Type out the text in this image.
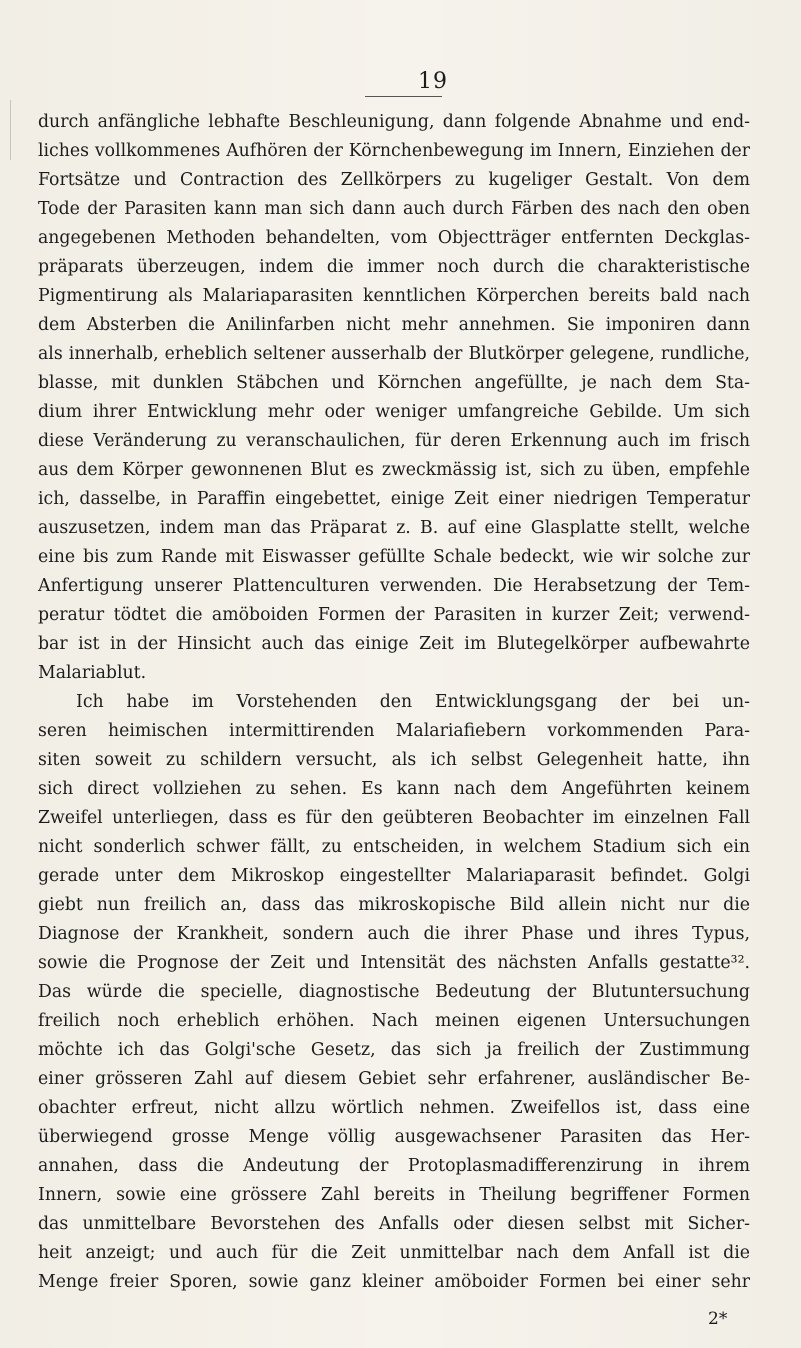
19
durch anfängliche lebhafte Beschleunigung, dann folgende Abnahme und end-
liches vollkommenes Aufhören der Körnchenbewegung im Innern, Einziehen der
Fortsätze und Contraction des Zellkörpers zu kugeliger Gestalt. Von dem
Tode der Parasiten kann man sich dann auch durch Färben des nach den oben
angegebenen Methoden behandelten, vom Objectträger entfernten Deckglas-
präparats überzeugen, indem die immer noch durch die charakteristische
Pigmentirung als Malariaparasiten kenntlichen Körperchen bereits bald nach
dem Absterben die Anilinfarben nicht mehr annehmen. Sie imponiren dann
als innerhalb, erheblich seltener ausserhalb der Blutkörper gelegene, rundliche,
blasse, mit dunklen Stäbchen und Körnchen angefüllte, je nach dem Sta-
dium ihrer Entwicklung mehr oder weniger umfangreiche Gebilde. Um sich
diese Veränderung zu veranschaulichen, für deren Erkennung auch im frisch
aus dem Körper gewonnenen Blut es zweckmässig ist, sich zu üben, empfehle
ich, dasselbe, in Paraffin eingebettet, einige Zeit einer niedrigen Temperatur
auszusetzen, indem man das Präparat z. B. auf eine Glasplatte stellt, welche
eine bis zum Rande mit Eiswasser gefüllte Schale bedeckt, wie wir solche zur
Anfertigung unserer Plattenculturen verwenden. Die Herabsetzung der Tem-
peratur tödtet die amöboiden Formen der Parasiten in kurzer Zeit; verwend-
bar ist in der Hinsicht auch das einige Zeit im Blutegelkörper aufbewahrte
Malariablut.
Ich habe im Vorstehenden den Entwicklungsgang der bei un-
seren heimischen intermittirenden Malariafiebern vorkommenden Para-
siten soweit zu schildern versucht, als ich selbst Gelegenheit hatte, ihn
sich direct vollziehen zu sehen. Es kann nach dem Angeführten keinem
Zweifel unterliegen, dass es für den geübteren Beobachter im einzelnen Fall
nicht sonderlich schwer fällt, zu entscheiden, in welchem Stadium sich ein
gerade unter dem Mikroskop eingestellter Malariaparasit befindet. Golgi
giebt nun freilich an, dass das mikroskopische Bild allein nicht nur die
Diagnose der Krankheit, sondern auch die ihrer Phase und ihres Typus,
sowie die Prognose der Zeit und Intensität des nächsten Anfalls gestatte³².
Das würde die specielle, diagnostische Bedeutung der Blutuntersuchung
freilich noch erheblich erhöhen. Nach meinen eigenen Untersuchungen
möchte ich das Golgi'sche Gesetz, das sich ja freilich der Zustimmung
einer grösseren Zahl auf diesem Gebiet sehr erfahrener, ausländischer Be-
obachter erfreut, nicht allzu wörtlich nehmen. Zweifellos ist, dass eine
überwiegend grosse Menge völlig ausgewachsener Parasiten das Her-
annahen, dass die Andeutung der Protoplasmadifferenzirung in ihrem
Innern, sowie eine grössere Zahl bereits in Theilung begriffener Formen
das unmittelbare Bevorstehen des Anfalls oder diesen selbst mit Sicher-
heit anzeigt; und auch für die Zeit unmittelbar nach dem Anfall ist die
Menge freier Sporen, sowie ganz kleiner amöboider Formen bei einer sehr
2*
